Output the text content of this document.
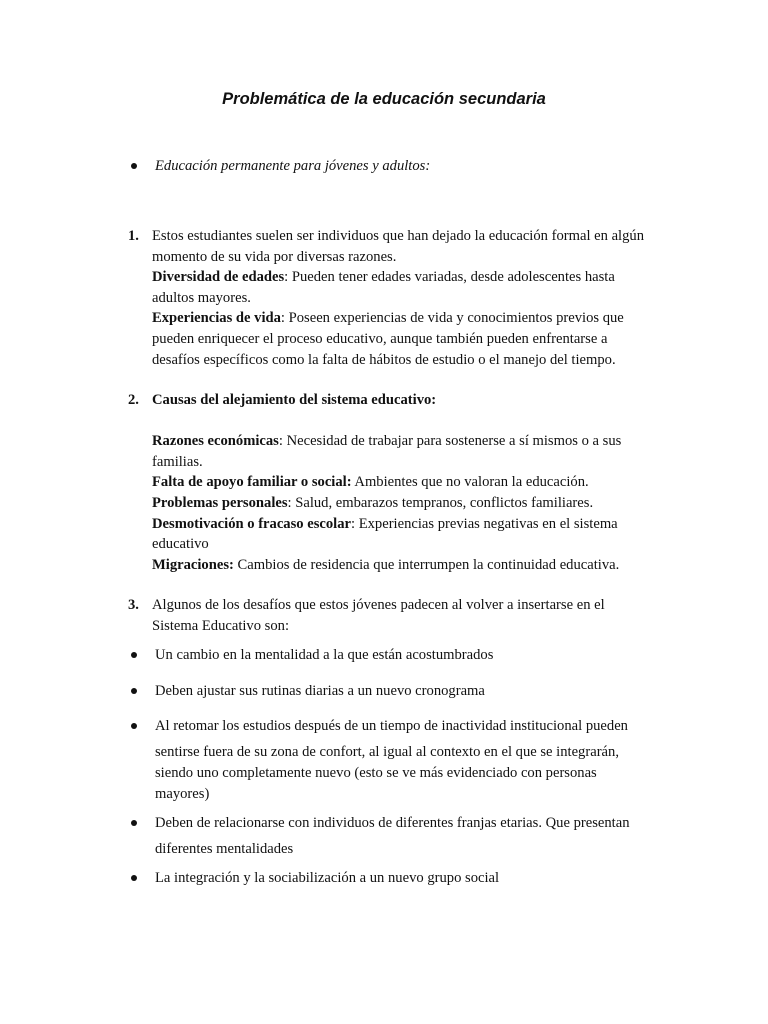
Problemática de la educación secundaria
Educación permanente para jóvenes y adultos:
1. Estos estudiantes suelen ser individuos que han dejado la educación formal en algún
momento de su vida por diversas razones.
Diversidad de edades: Pueden tener edades variadas, desde adolescentes hasta
adultos mayores.
Experiencias de vida: Poseen experiencias de vida y conocimientos previos que
pueden enriquecer el proceso educativo, aunque también pueden enfrentarse a
desafíos específicos como la falta de hábitos de estudio o el manejo del tiempo.
2. Causas del alejamiento del sistema educativo:
Razones económicas: Necesidad de trabajar para sostenerse a sí mismos o a sus
familias.
Falta de apoyo familiar o social: Ambientes que no valoran la educación.
Problemas personales: Salud, embarazos tempranos, conflictos familiares.
Desmotivación o fracaso escolar: Experiencias previas negativas en el sistema
educativo
Migraciones: Cambios de residencia que interrumpen la continuidad educativa.
3. Algunos de los desafíos que estos jóvenes padecen al volver a insertarse en el
Sistema Educativo son:
Un cambio en la mentalidad a la que están acostumbrados
Deben ajustar sus rutinas diarias a un nuevo cronograma
Al retomar los estudios después de un tiempo de inactividad institucional pueden
sentirse fuera de su zona de confort, al igual al contexto en el que se integrarán,
siendo uno completamente nuevo (esto se ve más evidenciado con personas
mayores)
Deben de relacionarse con individuos de diferentes franjas etarias. Que presentan
diferentes mentalidades
La integración y la sociabilización a un nuevo grupo social
